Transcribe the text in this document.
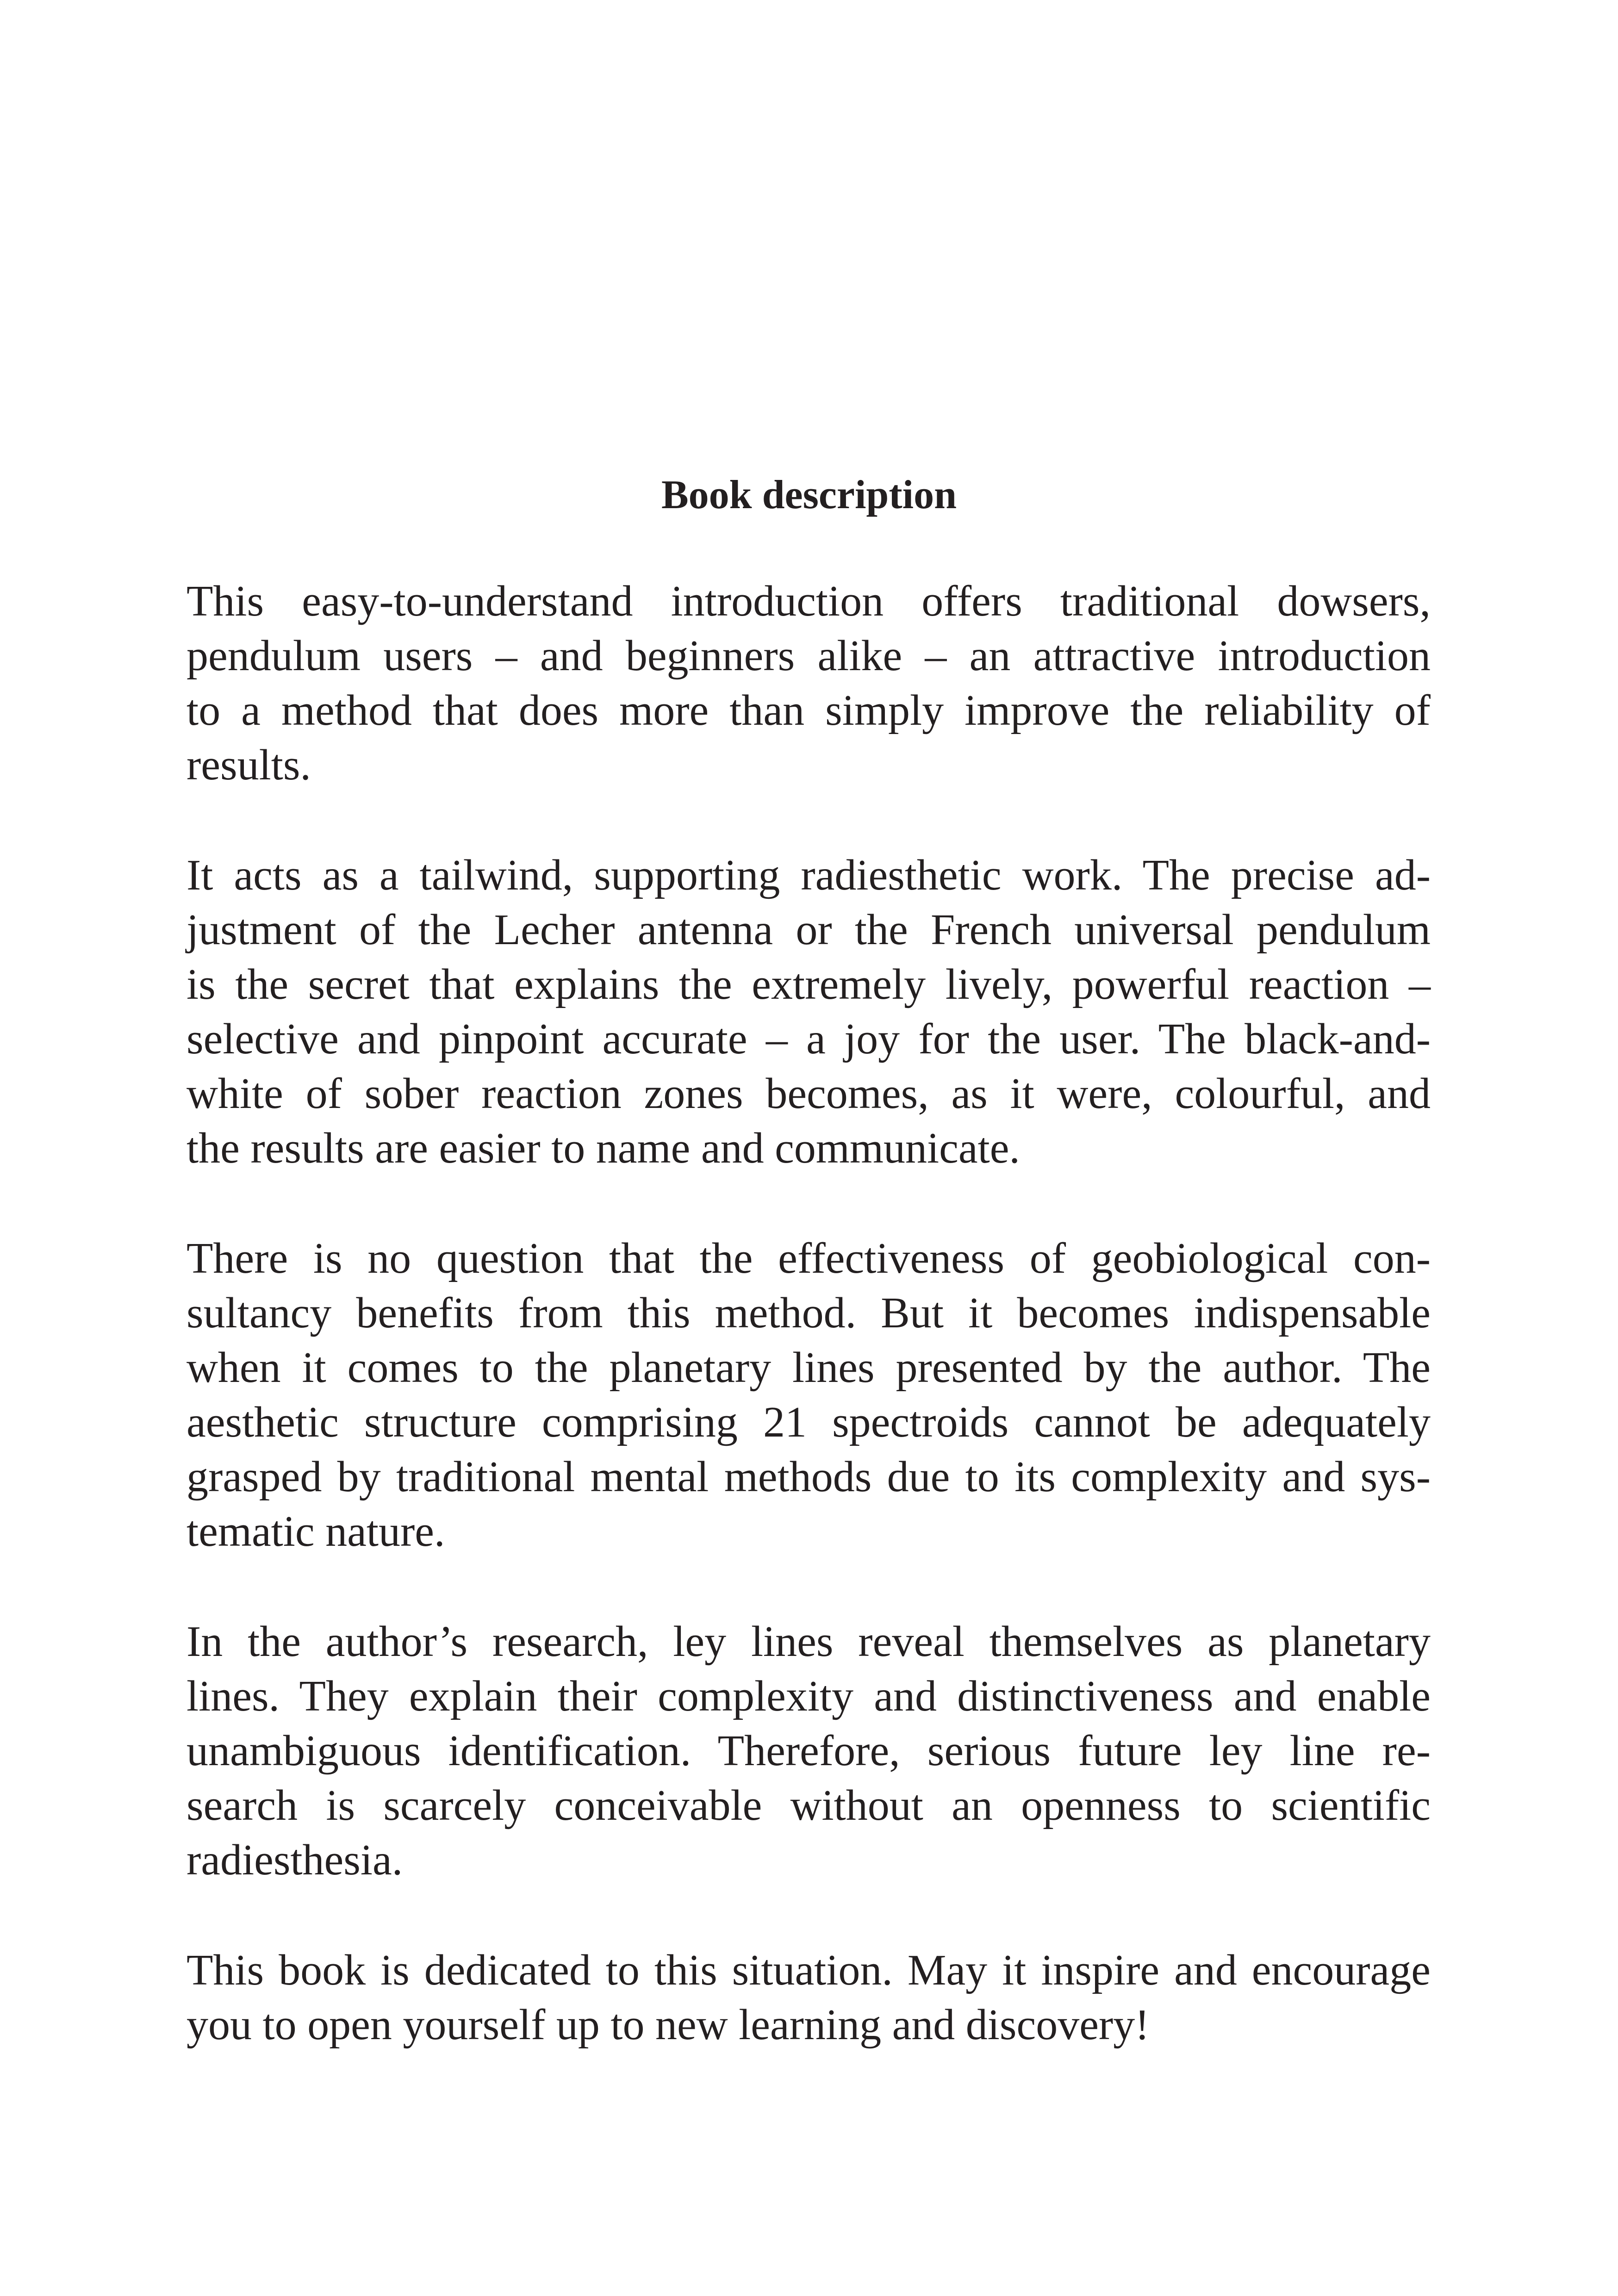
Book description
This easy-to-understand introduction offers traditional dowsers,
pendulum users – and beginners alike – an attractive introduction
to a method that does more than simply improve the reliability of
results.
It acts as a tailwind, supporting radiesthetic work. The precise ad-
justment of the Lecher antenna or the French universal pendulum
is the secret that explains the extremely lively, powerful reaction –
selective and pinpoint accurate – a joy for the user. The black-and-
white of sober reaction zones becomes, as it were, colourful, and
the results are easier to name and communicate.
There is no question that the effectiveness of geobiological con-
sultancy benefits from this method. But it becomes indispensable
when it comes to the planetary lines presented by the author. The
aesthetic structure comprising 21 spectroids cannot be adequately
grasped by traditional mental methods due to its complexity and sys-
tematic nature.
In the author’s research, ley lines reveal themselves as planetary
lines. They explain their complexity and distinctiveness and enable
unambiguous identification. Therefore, serious future ley line re-
search is scarcely conceivable without an openness to scientific
radiesthesia.
This book is dedicated to this situation. May it inspire and encourage
you to open yourself up to new learning and discovery!
